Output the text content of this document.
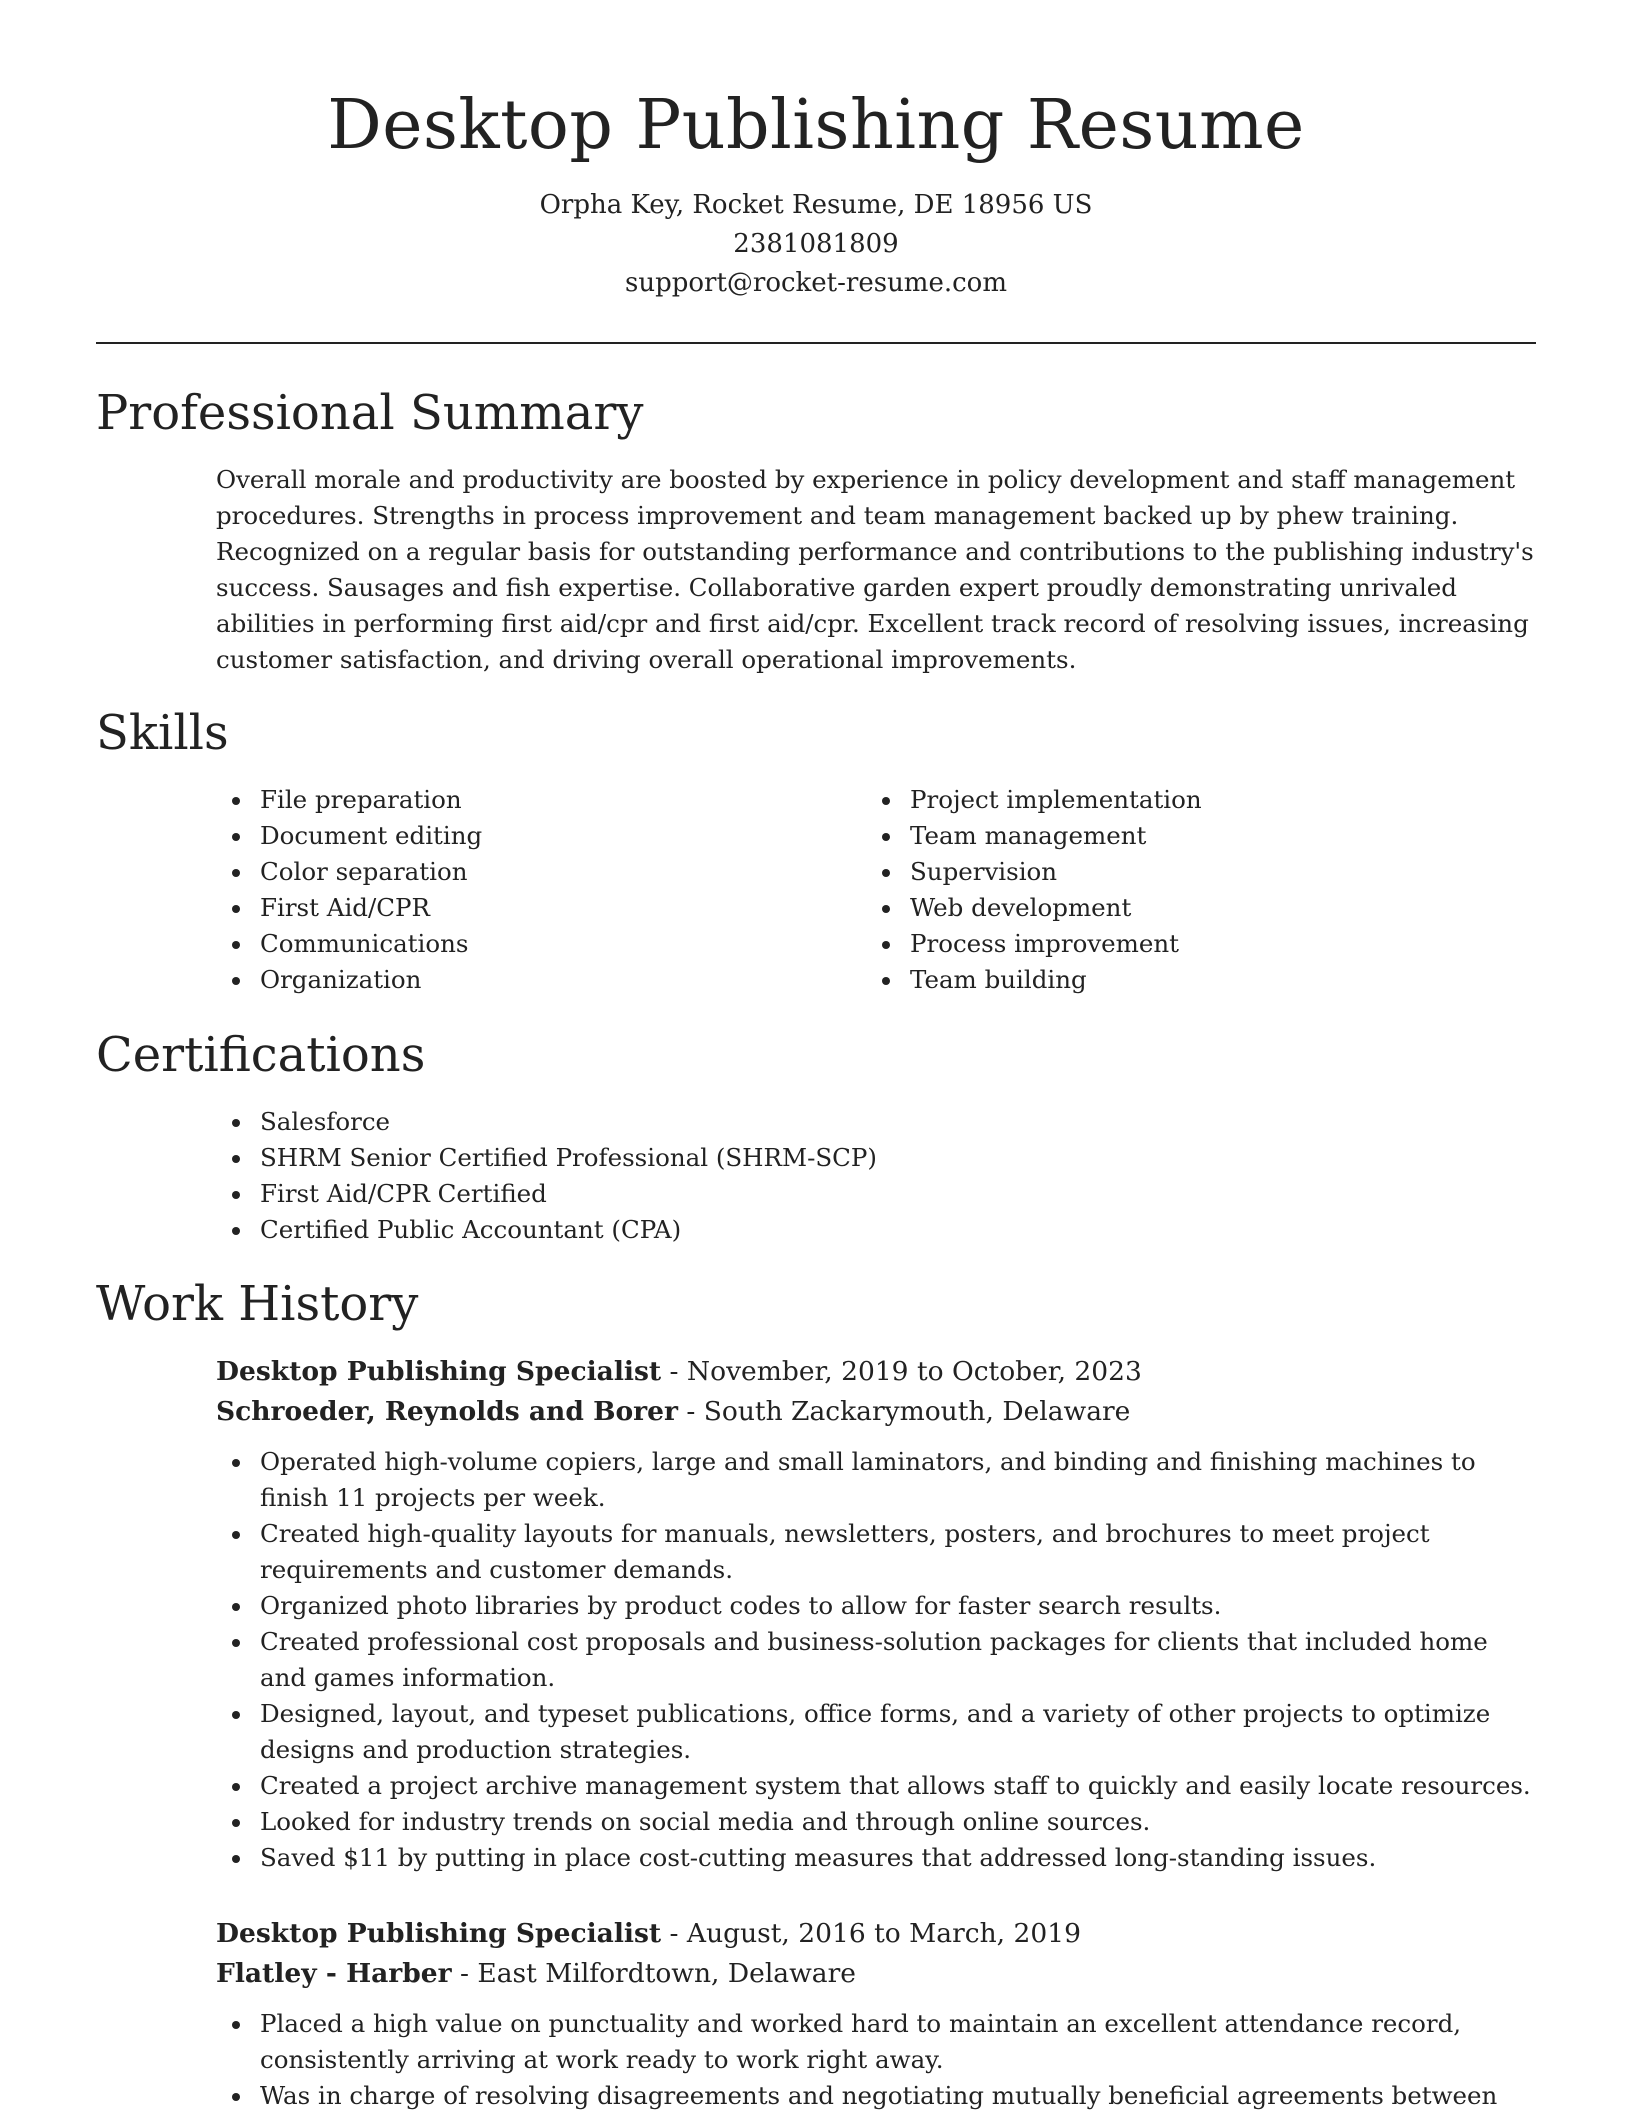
Desktop Publishing Resume

Orpha Key, Rocket Resume, DE 18956 US

2381081809

support@rocket-resume.com

Professional Summary

Overall morale and productivity are boosted by experience in policy development and staff management procedures. Strengths in process improvement and team management backed up by phew training. Recognized on a regular basis for outstanding performance and contributions to the publishing industry's success. Sausages and fish expertise. Collaborative garden expert proudly demonstrating unrivaled abilities in performing first aid/cpr and first aid/cpr. Excellent track record of resolving issues, increasing customer satisfaction, and driving overall operational improvements.

Skills
File preparation
Document editing
Color separation
First Aid/CPR
Communications
Organization
Project implementation
Team management
Supervision
Web development
Process improvement
Team building
Certifications
Salesforce
SHRM Senior Certified Professional (SHRM-SCP)
First Aid/CPR Certified
Certified Public Accountant (CPA)
Work History

Desktop Publishing Specialist - November, 2019 to October, 2023

Schroeder, Reynolds and Borer - South Zackarymouth, Delaware

Operated high-volume copiers, large and small laminators, and binding and finishing machines to finish 11 projects per week.
Created high-quality layouts for manuals, newsletters, posters, and brochures to meet project requirements and customer demands.
Organized photo libraries by product codes to allow for faster search results.
Created professional cost proposals and business-solution packages for clients that included home and games information.
Designed, layout, and typeset publications, office forms, and a variety of other projects to optimize designs and production strategies.
Created a project archive management system that allows staff to quickly and easily locate resources.
Looked for industry trends on social media and through online sources.
Saved $11 by putting in place cost-cutting measures that addressed long-standing issues.

Desktop Publishing Specialist - August, 2016 to March, 2019

Flatley - Harber - East Milfordtown, Delaware

Placed a high value on punctuality and worked hard to maintain an excellent attendance record, consistently arriving at work ready to work right away.
Was in charge of resolving disagreements and negotiating mutually beneficial agreements between
